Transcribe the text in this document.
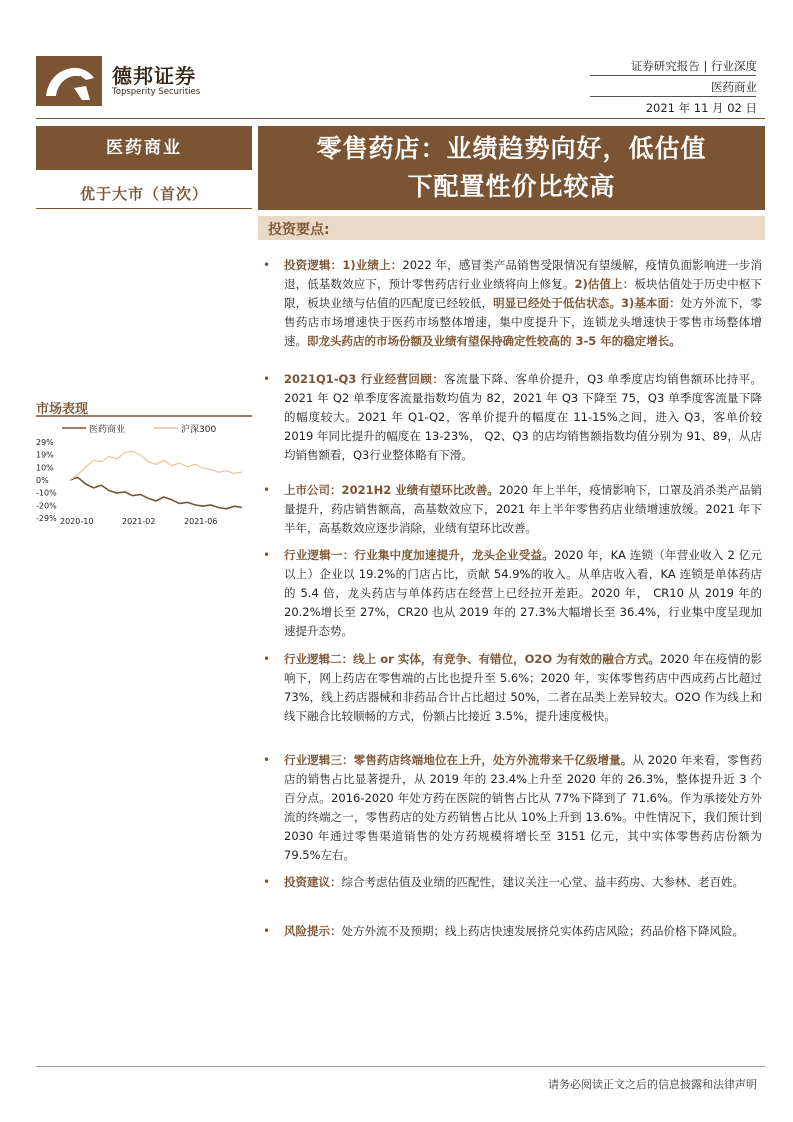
德邦证券
Topsperity Securities
证券研究报告 | 行业深度
医药商业
2021 年 11 月 02 日
医药商业
优于大市（首次）
市场表现
医药商业	沪深300
29%
19%
10%
0%
-10%
-20%
-29% 2020-10	2021-02	2021-06
零售药店：业绩趋势向好，低估值
下配置性价比较高
投资要点:
•	投资逻辑：1)业绩上：2022 年，感冒类产品销售受限情况有望缓解，疫情负面影响进一步消退，低基数效应下，预计零售药店行业业绩将向上修复。2)估值上：板块估值处于历史中枢下限，板块业绩与估值的匹配度已经较低，明显已经处于低估状态。3)基本面：处方外流下，零售药店市场增速快于医药市场整体增速，集中度提升下，连锁龙头增速快于零售市场整体增速。即龙头药店的市场份额及业绩有望保持确定性较高的 3-5 年的稳定增长。
•	2021Q1-Q3 行业经营回顾：客流量下降、客单价提升，Q3 单季度店均销售额环比持平。2021 年 Q2 单季度客流量指数均值为 82，2021 年 Q3 下降至 75，Q3 单季度客流量下降的幅度较大。2021 年 Q1-Q2，客单价提升的幅度在 11-15%之间，进入 Q3，客单价较 2019 年同比提升的幅度在 13-23%， Q2、Q3 的店均销售额指数均值分别为 91、89，从店均销售额看，Q3行业整体略有下滑。
•	上市公司：2021H2 业绩有望环比改善。2020 年上半年，疫情影响下，口罩及消杀类产品销量提升，药店销售额高，高基数效应下，2021 年上半年零售药店业绩增速放缓。2021 年下半年，高基数效应逐步消除，业绩有望环比改善。
•	行业逻辑一：行业集中度加速提升，龙头企业受益。2020 年，KA 连锁（年营业收入 2 亿元以上）企业以 19.2%的门店占比，贡献 54.9%的收入。从单店收入看，KA 连锁是单体药店的 5.4 倍，龙头药店与单体药店在经营上已经拉开差距。2020 年， CR10 从 2019 年的 20.2%增长至 27%，CR20 也从 2019 年的 27.3%大幅增长至 36.4%，行业集中度呈现加速提升态势。
•	行业逻辑二：线上 or 实体，有竞争、有错位，O2O 为有效的融合方式。2020 年在疫情的影响下，网上药店在零售端的占比也提升至 5.6%；2020 年，实体零售药店中西成药占比超过 73%，线上药店器械和非药品合计占比超过 50%，二者在品类上差异较大。O2O 作为线上和线下融合比较顺畅的方式，份额占比接近 3.5%，提升速度极快。
•	行业逻辑三：零售药店终端地位在上升，处方外流带来千亿级增量。从 2020 年来看，零售药店的销售占比显著提升，从 2019 年的 23.4%上升至 2020 年的 26.3%，整体提升近 3 个百分点。2016-2020 年处方药在医院的销售占比从 77%下降到了 71.6%。作为承接处方外流的终端之一，零售药店的处方药销售占比从 10%上升到 13.6%。中性情况下，我们预计到 2030 年通过零售渠道销售的处方药规模将增长至 3151 亿元，其中实体零售药店份额为 79.5%左右。
•	投资建议：综合考虑估值及业绩的匹配性，建议关注一心堂、益丰药房、大参林、老百姓。
•	风险提示：处方外流不及预期；线上药店快速发展挤兑实体药店风险；药品价格下降风险。
请务必阅读正文之后的信息披露和法律声明
